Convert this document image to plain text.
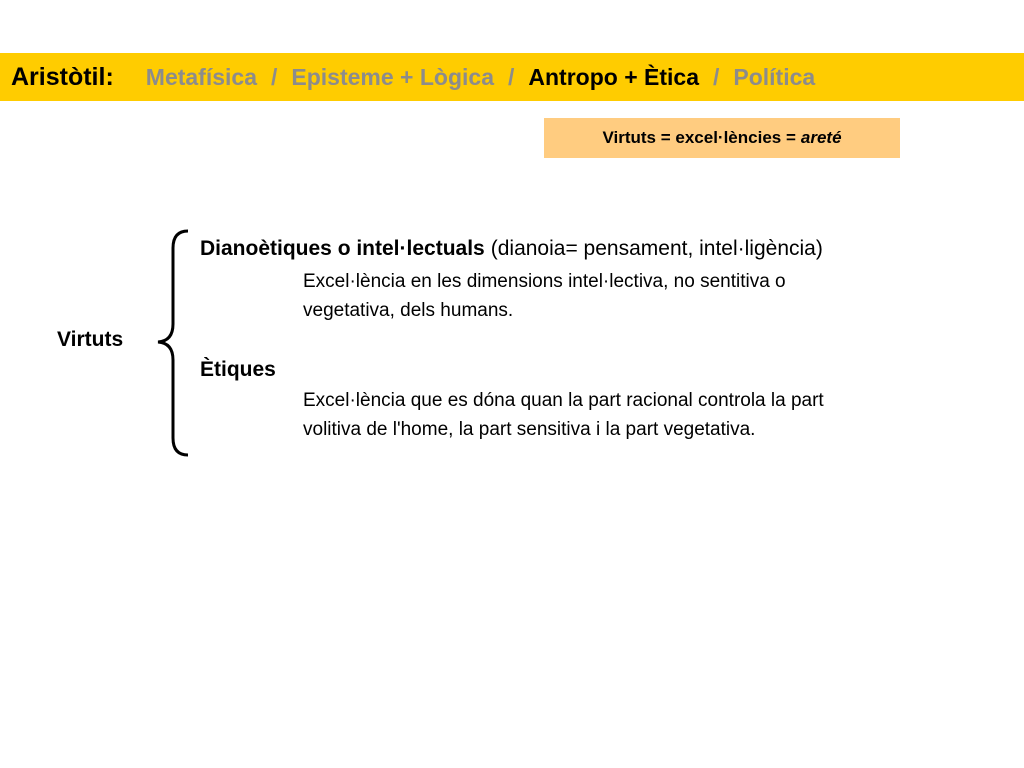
Aristòtil: Metafísica / Episteme + Lògica / Antropo + Ètica / Política
Virtuts = excel·lències = areté
Virtuts
Dianoètiques o intel·lectuals (dianoia= pensament, intel·ligència)
Excel·lència en les dimensions intel·lectiva, no sentitiva o
vegetativa, dels humans.
Ètiques
Excel·lència que es dóna quan la part racional controla la part
volitiva de l'home, la part sensitiva i la part vegetativa.
